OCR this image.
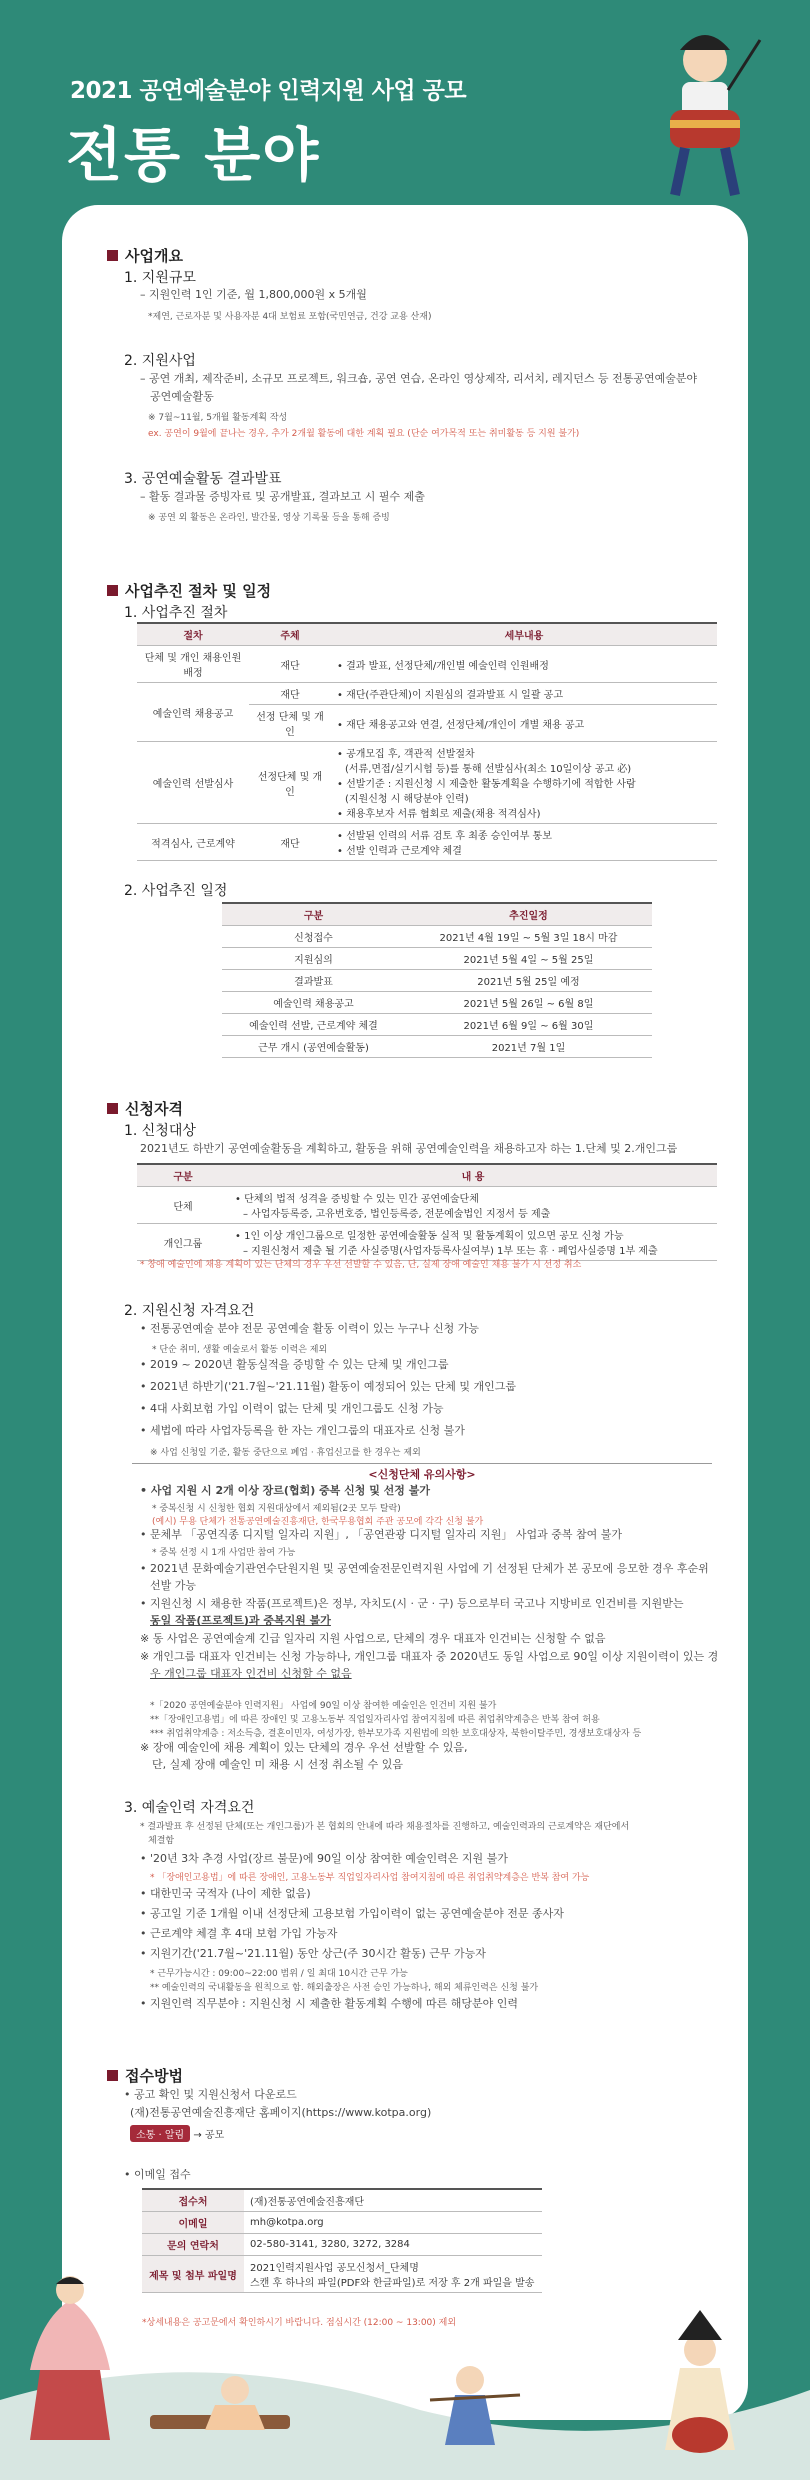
2021 공연예술분야 인력지원 사업 공모
전통 분야
사업개요
1. 지원규모
– 지원인력 1인 기준, 월 1,800,000원 x 5개월
*제연, 근로자분 및 사용자분 4대 보험료 포함(국민연금, 건강 교용 산재)
2. 지원사업
– 공연 개최, 제작준비, 소규모 프로젝트, 워크숍, 공연 연습, 온라인 영상제작, 리서치, 레지던스 등 전통공연예술분야
공연예술활동
※ 7월~11월, 5개월 활동계획 작성
ex. 공연이 9월에 끝나는 경우, 추가 2개월 활동에 대한 계획 필요 (단순 여가목적 또는 취미활동 등 지원 불가)
3. 공연예술활동 결과발표
– 활동 결과물 증빙자료 및 공개발표, 결과보고 시 필수 제출
※ 공연 외 활동은 온라인, 발간물, 영상 기록물 등을 통해 증빙
사업추진 절차 및 일정
1. 사업추진 절차
절차	주체	세부내용
단체 및 개인 채용인원 배정	재단	• 결과 발표, 선정단체/개인별 예술인력 인원배정
예술인력 채용공고	재단	• 재단(주관단체)이 지원심의 결과발표 시 일괄 공고
	선정 단체 및 개인	• 재단 채용공고와 연결, 선정단체/개인이 개별 채용 공고
예술인력 선발심사	선정단체 및 개인	• 공개모집 후, 객관적 선발절차
(서류,면접/실기시험 등)를 통해 선발심사(최소 10일이상 공고 必)
• 선발기준 : 지원신청 시 제출한 활동계획을 수행하기에 적합한 사람
(지원신청 시 해당분야 인력)
• 채용후보자 서류 협회로 제출(채용 적격심사)

적격심사, 근로계약	재단	• 선발된 인력의 서류 검토 후 최종 승인여부 통보
• 선발 인력과 근로계약 체결
2. 사업추진 일정
구분	추진일정
신청접수	2021년 4월 19일 ~ 5월 3일 18시 마감
지원심의	2021년 5월 4일 ~ 5월 25일
결과발표	2021년 5월 25일 예정
예술인력 채용공고	2021년 5월 26일 ~ 6월 8일
예술인력 선발, 근로계약 체결	2021년 6월 9일 ~ 6월 30일
근무 개시 (공연예술활동)	2021년 7월 1일
신청자격
1. 신청대상
2021년도 하반기 공연예술활동을 계획하고, 활동을 위해 공연예술인력을 채용하고자 하는 1.단체 및 2.개인그룹
구분	내 용
단체	• 단체의 법적 성격을 증빙할 수 있는 민간 공연예술단체
– 사업자등록증, 고유번호증, 법인등록증, 전문예술법인 지정서 등 제출

개인그룹	• 1인 이상 개인그룹으로 일정한 공연예술활동 실적 및 활동계획이 있으면 공모 신청 가능
– 지원신청서 제출 될 기준 사실증명(사업자등록사실여부) 1부 또는 휴 · 폐업사실증명 1부 제출
* 창애 예술인에 채용 계획이 있는 단체의 경우 우선 선발할 수 있음, 단, 실제 장애 예술인 채용 불가 시 선정 취소
2. 지원신청 자격요건
• 전통공연예술 분야 전문 공연예술 활동 이력이 있는 누구나 신청 가능
* 단순 취미, 생활 예술로서 활동 이력은 제외
• 2019 ~ 2020년 활동실적을 증빙할 수 있는 단체 및 개인그룹
• 2021년 하반기('21.7월~'21.11월) 활동이 예정되어 있는 단체 및 개인그룹
• 4대 사회보험 가입 이력이 없는 단체 및 개인그룹도 신청 가능
• 세법에 따라 사업자등록을 한 자는 개인그룹의 대표자로 신청 불가
※ 사업 신청일 기준, 활동 중단으로 폐업 · 휴업신고를 한 경우는 제외
<신청단체 유의사항>
• 사업 지원 시 2개 이상 장르(협회) 중복 신청 및 선정 불가
* 중복신청 시 신청한 협회 지원대상에서 제외됨(2곳 모두 탈락)
(예시) 무용 단체가 전통공연예술진흥재단, 한국무용협회 주관 공모에 각각 신청 불가
• 문체부 「공연직종 디지털 일자리 지원」, 「공연관광 디지털 일자리 지원」 사업과 중복 참여 불가
* 중복 선정 시 1개 사업만 참여 가능
• 2021년 문화예술기관연수단원지원 및 공연예술전문인력지원 사업에 기 선정된 단체가 본 공모에 응모한 경우 후순위
선발 가능
• 지원신청 시 채용한 작품(프로젝트)은 정부, 자치도(시 · 군 · 구) 등으로부터 국고나 지방비로 인건비를 지원받는
동일 작품(프로젝트)과 중복지원 불가
※ 동 사업은 공연예술계 긴급 일자리 지원 사업으로, 단체의 경우 대표자 인건비는 신청할 수 없음
※ 개인그룹 대표자 인건비는 신청 가능하나, 개인그룹 대표자 중 2020년도 동일 사업으로 90일 이상 지원이력이 있는 경
우 개인그룹 대표자 인건비 신청할 수 없음
*「2020 공연예술분야 인력지원」 사업에 90일 이상 참여한 예술인은 인건비 지원 불가
**「장애인고용법」에 따른 장애인 및 고용노동부 직업일자리사업 참여지침에 따른 취업취약계층은 반복 참여 허용
*** 취업취약계층 : 저소득층, 결혼이민자, 여성가장, 한부모가족 지원법에 의한 보호대상자, 북한이탈주민, 경생보호대상자 등
※ 장애 예술인에 채용 계획이 있는 단체의 경우 우선 선발할 수 있음,
단, 실제 장애 예술인 미 채용 시 선정 취소될 수 있음
3. 예술인력 자격요건
* 결과발표 후 선정된 단체(또는 개인그룹)가 본 협회의 안내에 따라 채용절차를 진행하고, 예술인력과의 근로계약은 재단에서
체결함
• '20년 3차 추경 사업(장르 불문)에 90일 이상 참여한 예술인력은 지원 불가
* 「장애인고용법」에 따른 장애인, 고용노동부 직업일자리사업 참여지침에 따른 취업취약계층은 반복 참여 가능
• 대한민국 국적자 (나이 제한 없음)
• 공고일 기준 1개월 이내 선정단체 고용보험 가입이력이 없는 공연예술분야 전문 종사자
• 근로계약 체결 후 4대 보험 가입 가능자
• 지원기간('21.7월~'21.11월) 동안 상근(주 30시간 활동) 근무 가능자
* 근무가능시간 : 09:00~22:00 범위 / 일 최대 10시간 근무 가능
** 예술인력의 국내활동을 원칙으로 함. 해외출장은 사전 승인 가능하나, 해외 체류인력은 신청 불가
• 지원인력 직무분야 : 지원신청 시 제출한 활동계획 수행에 따른 해당분야 인력
접수방법
• 공고 확인 및 지원신청서 다운로드
(재)전통공연예술진흥재단 홈페이지(https://www.kotpa.org)
소통 · 알림 → 공모
• 이메일 접수
접수처	(재)전통공연예술진흥재단
이메일	mh@kotpa.org
문의 연락처	02-580-3141, 3280, 3272, 3284
제목 및 첨부 파일명	2021인력지원사업 공모신청서_단체명
스캔 후 하나의 파일(PDF와 한글파일)로 저장 후 2개 파일을 발송
*상세내용은 공고문에서 확인하시기 바랍니다. 점심시간 (12:00 ~ 13:00) 제외
